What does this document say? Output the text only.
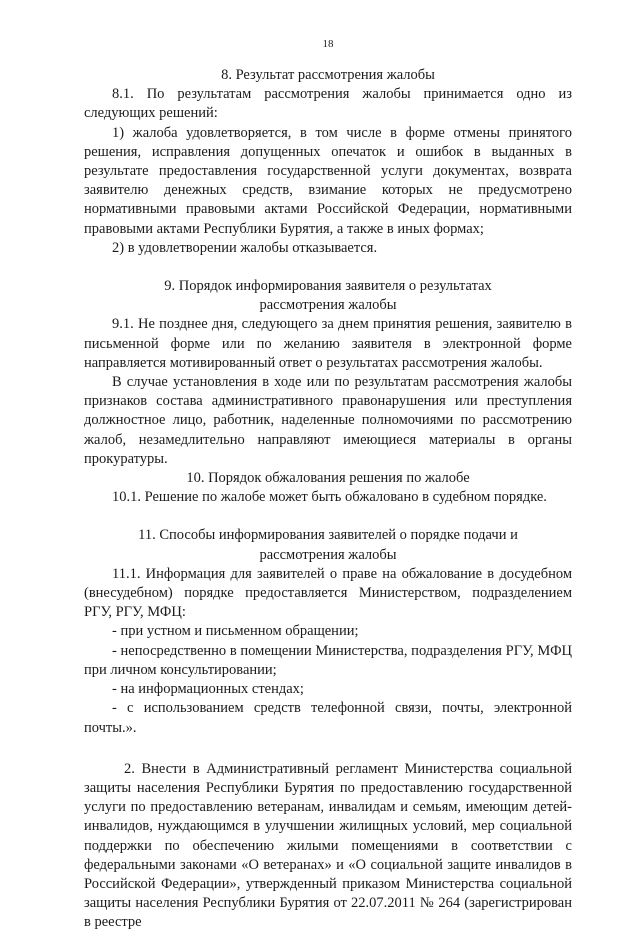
18
8. Результат рассмотрения жалобы

8.1. По результатам рассмотрения жалобы принимается одно из следующих решений:

1) жалоба удовлетворяется, в том числе в форме отмены принятого решения, исправления допущенных опечаток и ошибок в выданных в результате предоставления государственной услуги документах, возврата заявителю денежных средств, взимание которых не предусмотрено нормативными правовыми актами Российской Федерации, нормативными правовыми актами Республики Бурятия, а также в иных формах;

2) в удовлетворении жалобы отказывается.

9. Порядок информирования заявителя о результатах
рассмотрения жалобы

9.1. Не позднее дня, следующего за днем принятия решения, заявителю в письменной форме или по желанию заявителя в электронной форме направляется мотивированный ответ о результатах рассмотрения жалобы.

В случае установления в ходе или по результатам рассмотрения жалобы признаков состава административного правонарушения или преступления должностное лицо, работник, наделенные полномочиями по рассмотрению жалоб, незамедлительно направляют имеющиеся материалы в органы прокуратуры.

10. Порядок обжалования решения по жалобе

10.1. Решение по жалобе может быть обжаловано в судебном порядке.

11. Способы информирования заявителей о порядке подачи и
рассмотрения жалобы

11.1. Информация для заявителей о праве на обжалование в досудебном (внесудебном) порядке предоставляется Министерством, подразделением РГУ, РГУ, МФЦ:

- при устном и письменном обращении;

- непосредственно в помещении Министерства, подразделения РГУ, МФЦ при личном консультировании;

- на информационных стендах;

- с использованием средств телефонной связи, почты, электронной почты.».

2. Внести в Административный регламент Министерства социальной защиты населения Республики Бурятия по предоставлению государственной услуги по предоставлению ветеранам, инвалидам и семьям, имеющим детей-инвалидов, нуждающимся в улучшении жилищных условий, мер социальной поддержки по обеспечению жилыми помещениями в соответствии с федеральными законами «О ветеранах» и «О социальной защите инвалидов в Российской Федерации», утвержденный приказом Министерства социальной защиты населения Республики Бурятия от 22.07.2011 № 264 (зарегистрирован в реестре
